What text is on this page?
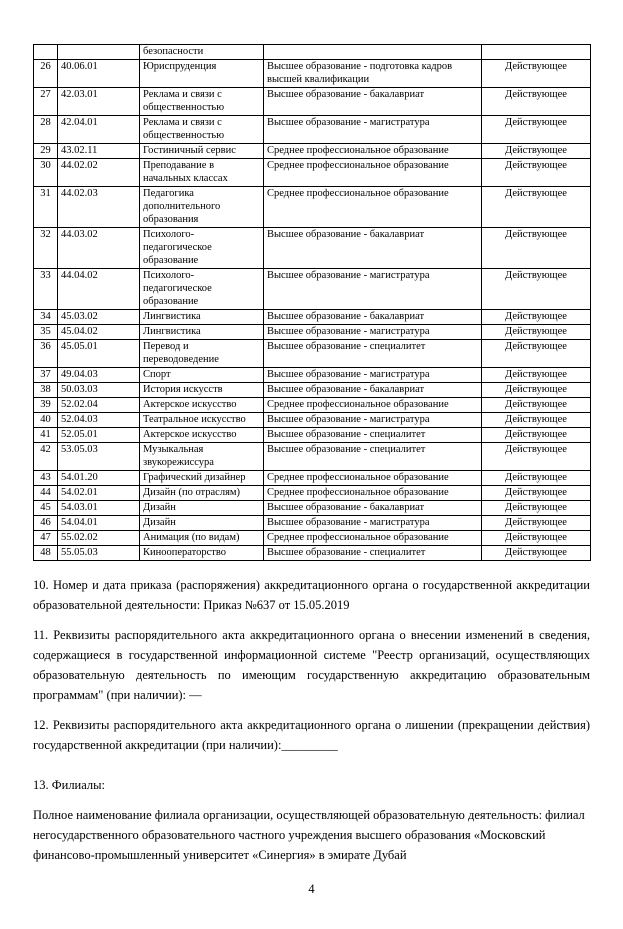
		безопасности		
26	40.06.01	Юриспруденция	Высшее образование - подготовка кадров высшей квалификации	Действующее
27	42.03.01	Реклама и связи с общественностью	Высшее образование - бакалавриат	Действующее
28	42.04.01	Реклама и связи с общественностью	Высшее образование - магистратура	Действующее
29	43.02.11	Гостиничный сервис	Среднее профессиональное образование	Действующее
30	44.02.02	Преподавание в начальных классах	Среднее профессиональное образование	Действующее
31	44.02.03	Педагогика дополнительного образования	Среднее профессиональное образование	Действующее
32	44.03.02	Психолого-педагогическое образование	Высшее образование - бакалавриат	Действующее
33	44.04.02	Психолого-педагогическое образование	Высшее образование - магистратура	Действующее
34	45.03.02	Лингвистика	Высшее образование - бакалавриат	Действующее
35	45.04.02	Лингвистика	Высшее образование - магистратура	Действующее
36	45.05.01	Перевод и переводоведение	Высшее образование - специалитет	Действующее
37	49.04.03	Спорт	Высшее образование - магистратура	Действующее
38	50.03.03	История искусств	Высшее образование - бакалавриат	Действующее
39	52.02.04	Актерское искусство	Среднее профессиональное образование	Действующее
40	52.04.03	Театральное искусство	Высшее образование - магистратура	Действующее
41	52.05.01	Актерское искусство	Высшее образование - специалитет	Действующее
42	53.05.03	Музыкальная звукорежиссура	Высшее образование - специалитет	Действующее
43	54.01.20	Графический дизайнер	Среднее профессиональное образование	Действующее
44	54.02.01	Дизайн (по отраслям)	Среднее профессиональное образование	Действующее
45	54.03.01	Дизайн	Высшее образование - бакалавриат	Действующее
46	54.04.01	Дизайн	Высшее образование - магистратура	Действующее
47	55.02.02	Анимация (по видам)	Среднее профессиональное образование	Действующее
48	55.05.03	Кинооператорство	Высшее образование - специалитет	Действующее

10. Номер и дата приказа (распоряжения) аккредитационного органа о государственной аккредитации образовательной деятельности: Приказ №637 от 15.05.2019

11. Реквизиты распорядительного акта аккредитационного органа о внесении изменений в сведения, содержащиеся в государственной информационной системе "Реестр организаций, осуществляющих образовательную деятельность по имеющим государственную аккредитацию образовательным программам" (при наличии): —

12. Реквизиты распорядительного акта аккредитационного органа о лишении (прекращении действия) государственной аккредитации (при наличии):_________

13. Филиалы:

Полное наименование филиала организации, осуществляющей образовательную деятельность: филиал негосударственного образовательного частного учреждения высшего образования «Московский финансово-промышленный университет «Синергия» в эмирате Дубай

4
